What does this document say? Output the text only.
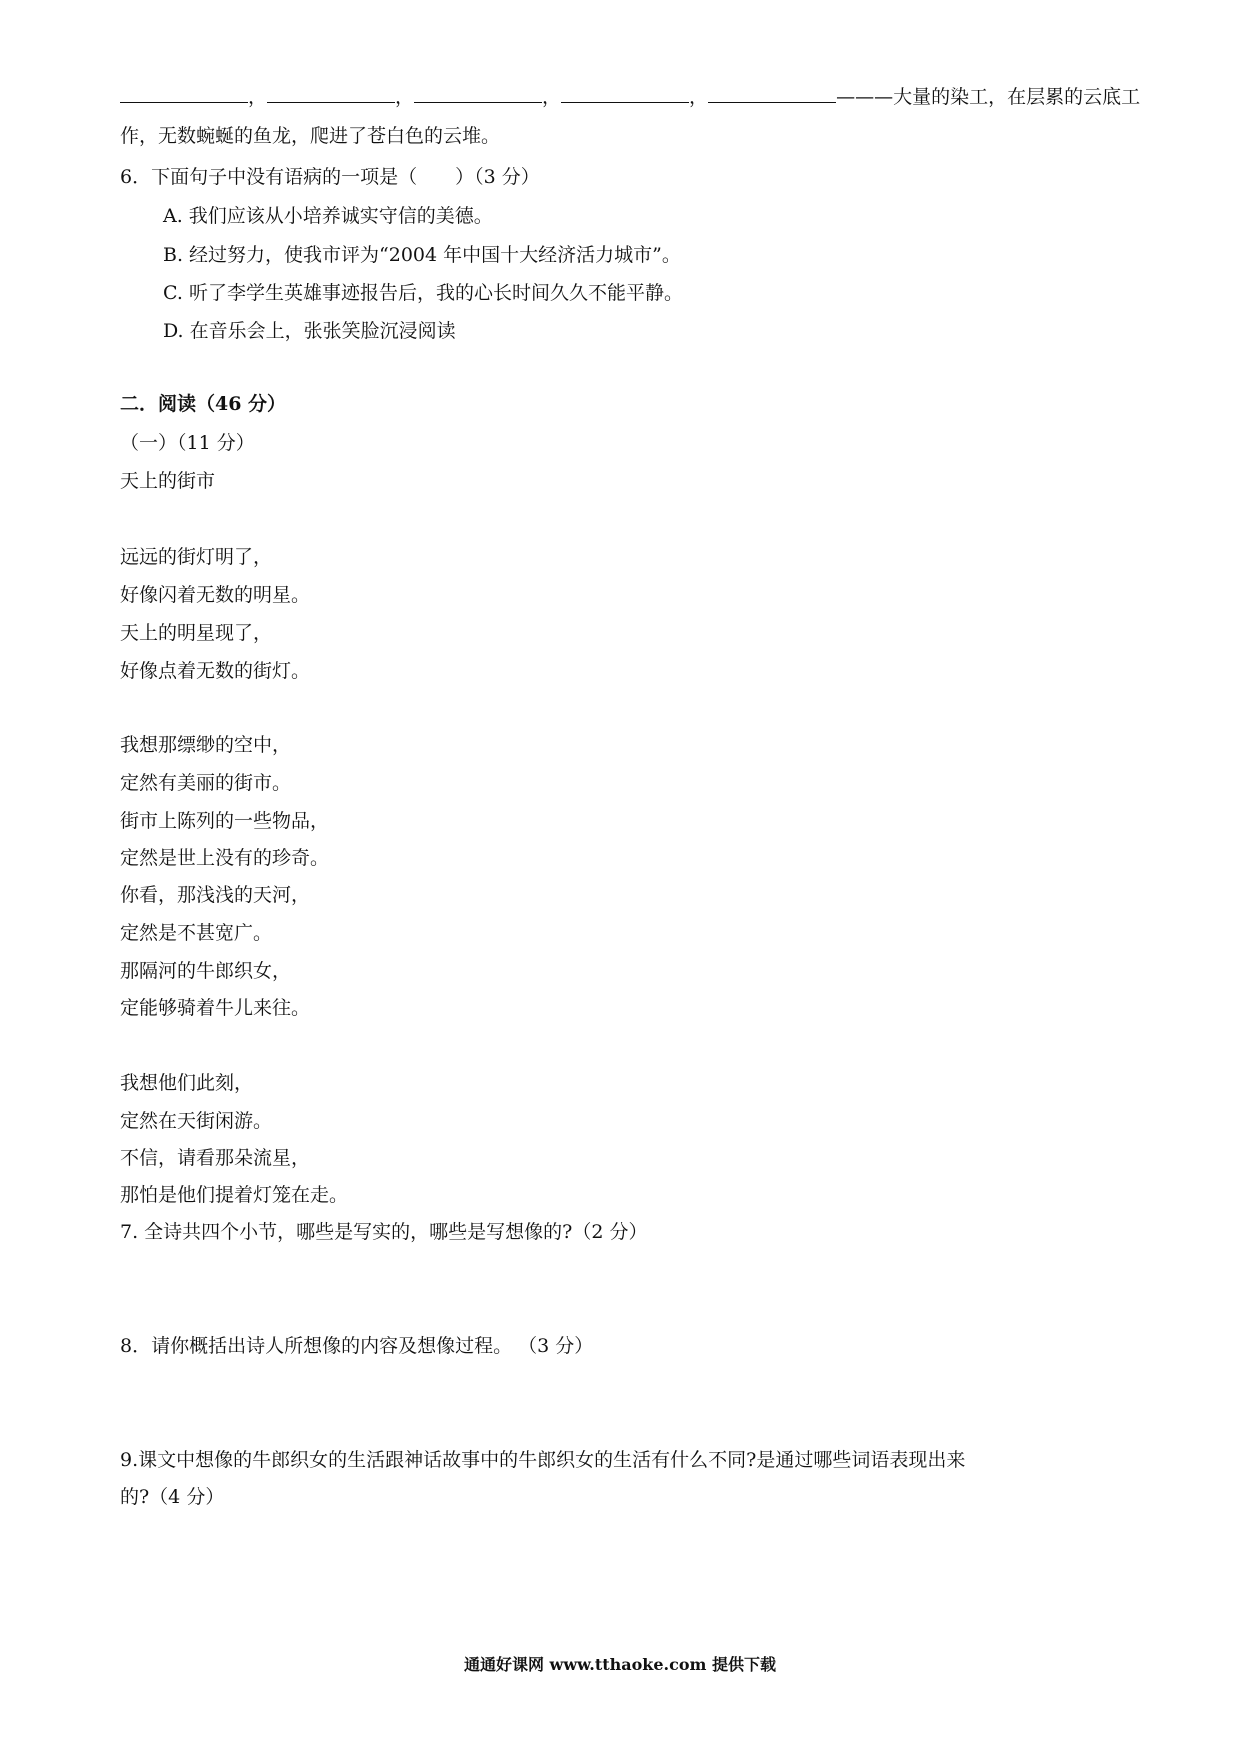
，	，	，	，	———大量的染工，在层累的云底工
作，无数蜿蜒的鱼龙，爬进了苍白色的云堆。
6．下面句子中没有语病的一项是（　　）（3 分）
A. 我们应该从小培养诚实守信的美德。
B. 经过努力，使我市评为“2004 年中国十大经济活力城市”。
C. 听了李学生英雄事迹报告后，我的心长时间久久不能平静。
D. 在音乐会上，张张笑脸沉浸阅读
二．阅读（46 分）
（一）（11 分）
天上的街市
远远的街灯明了，
好像闪着无数的明星。
天上的明星现了，
好像点着无数的街灯。
我想那缥缈的空中，
定然有美丽的街市。
街市上陈列的一些物品，
定然是世上没有的珍奇。
你看，那浅浅的天河，
定然是不甚宽广。
那隔河的牛郎织女，
定能够骑着牛儿来往。
我想他们此刻，
定然在天街闲游。
不信，请看那朵流星，
那怕是他们提着灯笼在走。
7. 全诗共四个小节，哪些是写实的，哪些是写想像的?（2 分）
8．请你概括出诗人所想像的内容及想像过程。 （3 分）
9.课文中想像的牛郎织女的生活跟神话故事中的牛郎织女的生活有什么不同?是通过哪些词语表现出来
的?（4 分）
通通好课网 www.tthaoke.com 提供下载
